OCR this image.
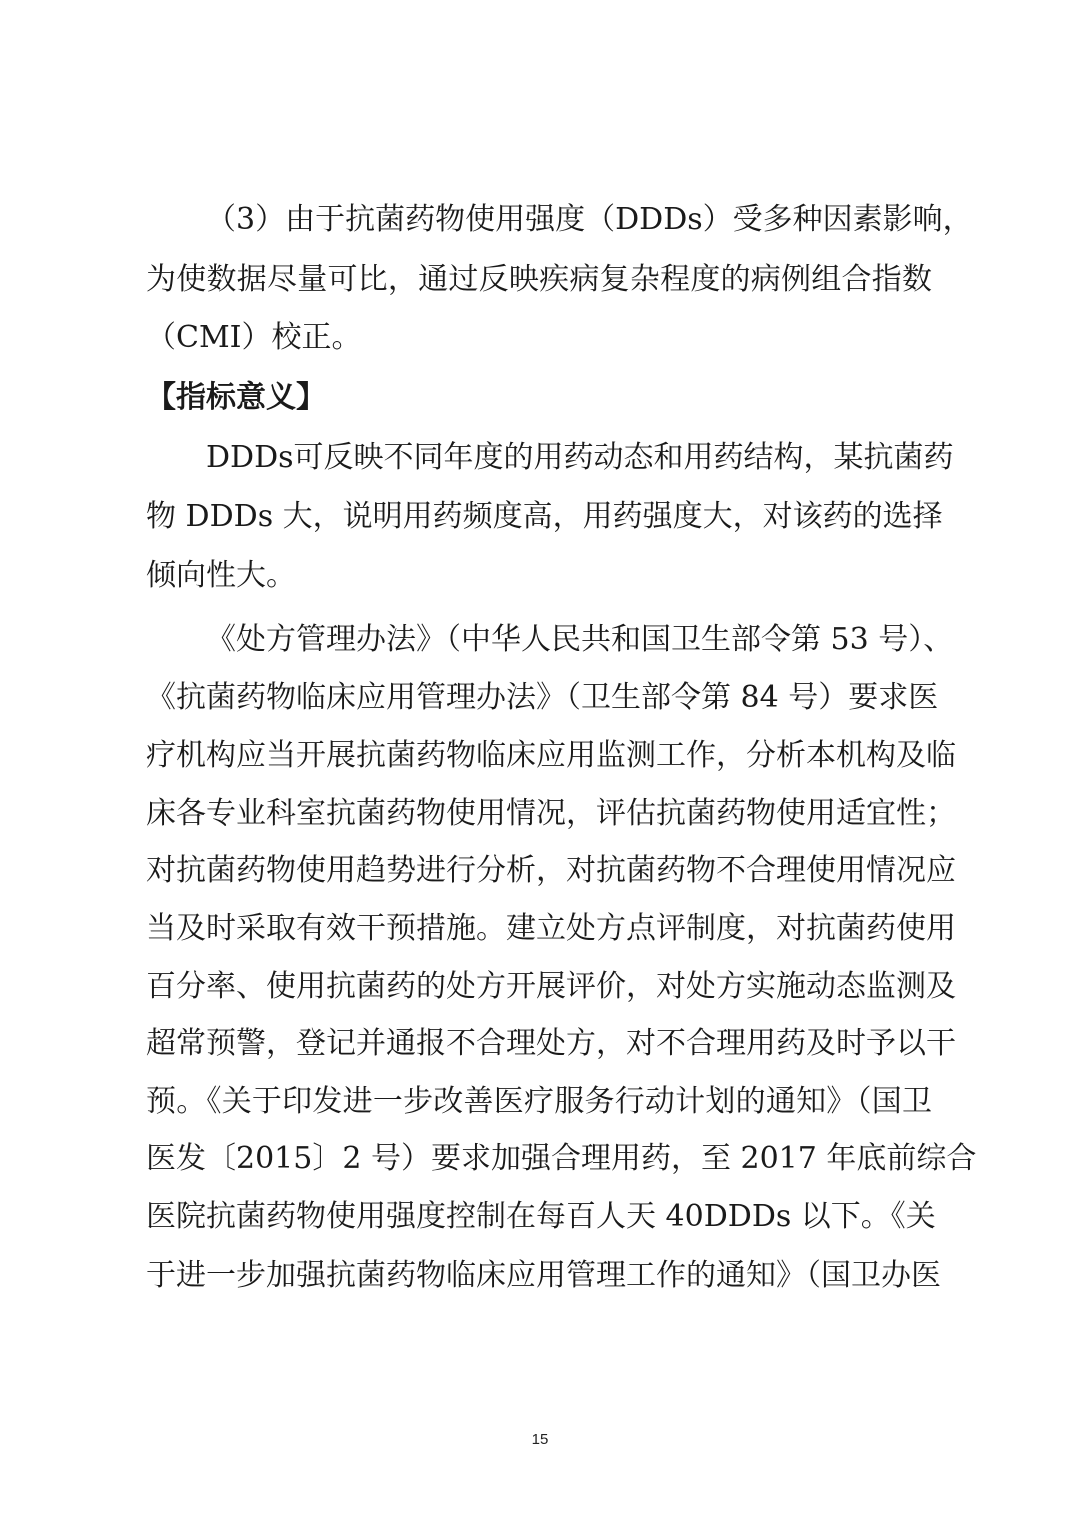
（3）由于抗菌药物使用强度（DDDs）受多种因素影响，
为使数据尽量可比，通过反映疾病复杂程度的病例组合指数
（CMI）校正。
【指标意义】
DDDs可反映不同年度的用药动态和用药结构，某抗菌药
物 DDDs 大，说明用药频度高，用药强度大，对该药的选择
倾向性大。
《处方管理办法》（中华人民共和国卫生部令第 53 号）、
《抗菌药物临床应用管理办法》（卫生部令第 84 号）要求医
疗机构应当开展抗菌药物临床应用监测工作，分析本机构及临
床各专业科室抗菌药物使用情况，评估抗菌药物使用适宜性；
对抗菌药物使用趋势进行分析，对抗菌药物不合理使用情况应
当及时采取有效干预措施。建立处方点评制度，对抗菌药使用
百分率、使用抗菌药的处方开展评价，对处方实施动态监测及
超常预警，登记并通报不合理处方，对不合理用药及时予以干
预。《关于印发进一步改善医疗服务行动计划的通知》（国卫
医发〔2015〕2 号）要求加强合理用药，至 2017 年底前综合
医院抗菌药物使用强度控制在每百人天 40DDDs 以下。《关
于进一步加强抗菌药物临床应用管理工作的通知》（国卫办医
15
